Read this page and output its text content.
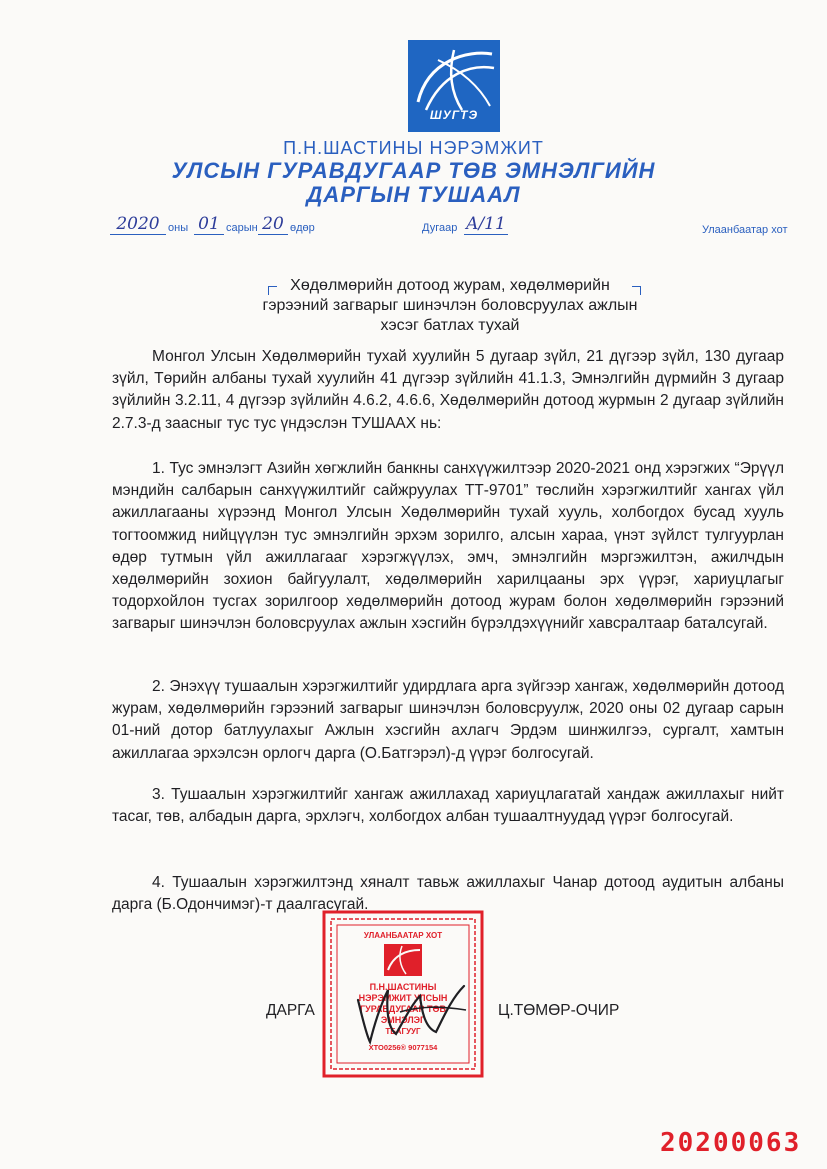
ШУГТЭ
П.Н.ШАСТИНЫ НЭРЭМЖИТ
УЛСЫН ГУРАВДУГААР ТӨВ ЭМНЭЛГИЙН
ДАРГЫН ТУШААЛ
2020 оны 01 сарын 20 өдөр	Дугаар A/11	Улаанбаатар хот
Хөдөлмөрийн дотоод журам, хөдөлмөрийн гэрээний загварыг шинэчлэн боловсруулах ажлын хэсэг батлах тухай
Монгол Улсын Хөдөлмөрийн тухай хуулийн 5 дугаар зүйл, 21 дүгээр зүйл, 130 дугаар зүйл, Төрийн албаны тухай хуулийн 41 дүгээр зүйлийн 41.1.3, Эмнэлгийн дүрмийн 3 дугаар зүйлийн 3.2.11, 4 дүгээр зүйлийн 4.6.2, 4.6.6, Хөдөлмөрийн дотоод журмын 2 дугаар зүйлийн 2.7.3-д заасныг тус тус үндэслэн ТУШААХ нь:
1. Тус эмнэлэгт Азийн хөгжлийн банкны санхүүжилтээр 2020-2021 онд хэрэгжих “Эрүүл мэндийн салбарын санхүүжилтийг сайжруулах ТТ-9701” төслийн хэрэгжилтийг хангах үйл ажиллагааны хүрээнд Монгол Улсын Хөдөлмөрийн тухай хууль, холбогдох бусад хууль тогтоомжид нийцүүлэн тус эмнэлгийн эрхэм зорилго, алсын хараа, үнэт зүйлст тулгуурлан өдөр тутмын үйл ажиллагааг хэрэгжүүлэх, эмч, эмнэлгийн мэргэжилтэн, ажилчдын хөдөлмөрийн зохион байгуулалт, хөдөлмөрийн харилцааны эрх үүрэг, хариуцлагыг тодорхойлон тусгах зорилгоор хөдөлмөрийн дотоод журам болон хөдөлмөрийн гэрээний загварыг шинэчлэн боловсруулах ажлын хэсгийн бүрэлдэхүүнийг хавсралтаар баталсугай.
2. Энэхүү тушаалын хэрэгжилтийг удирдлага арга зүйгээр хангаж, хөдөлмөрийн дотоод журам, хөдөлмөрийн гэрээний загварыг шинэчлэн боловсруулж, 2020 оны 02 дугаар сарын 01-ний дотор батлуулахыг Ажлын хэсгийн ахлагч Эрдэм шинжилгээ, сургалт, хамтын ажиллагаа эрхэлсэн орлогч дарга (О.Батгэрэл)-д үүрэг болгосугай.
3. Тушаалын хэрэгжилтийг хангаж ажиллахад хариуцлагатай хандаж ажиллахыг нийт тасаг, төв, албадын дарга, эрхлэгч, холбогдох албан тушаалтнуудад үүрэг болгосугай.
4. Тушаалын хэрэгжилтэнд хяналт тавьж ажиллахыг Чанар дотоод аудитын албаны дарга (Б.Одончимэг)-т даалгасугай.
УЛААНБААТАР ХОТ
П.Н.ШАСТИНЫ
НЭРЭМЖИТ УЛСЫН
ГУРАВДУГААР ТӨВ
ЭМНЭЛЭГ
ТБАГУУГ
ХТО0256® 9077154
ДАРГА	Ц.ТӨМӨР-ОЧИР
20200063
